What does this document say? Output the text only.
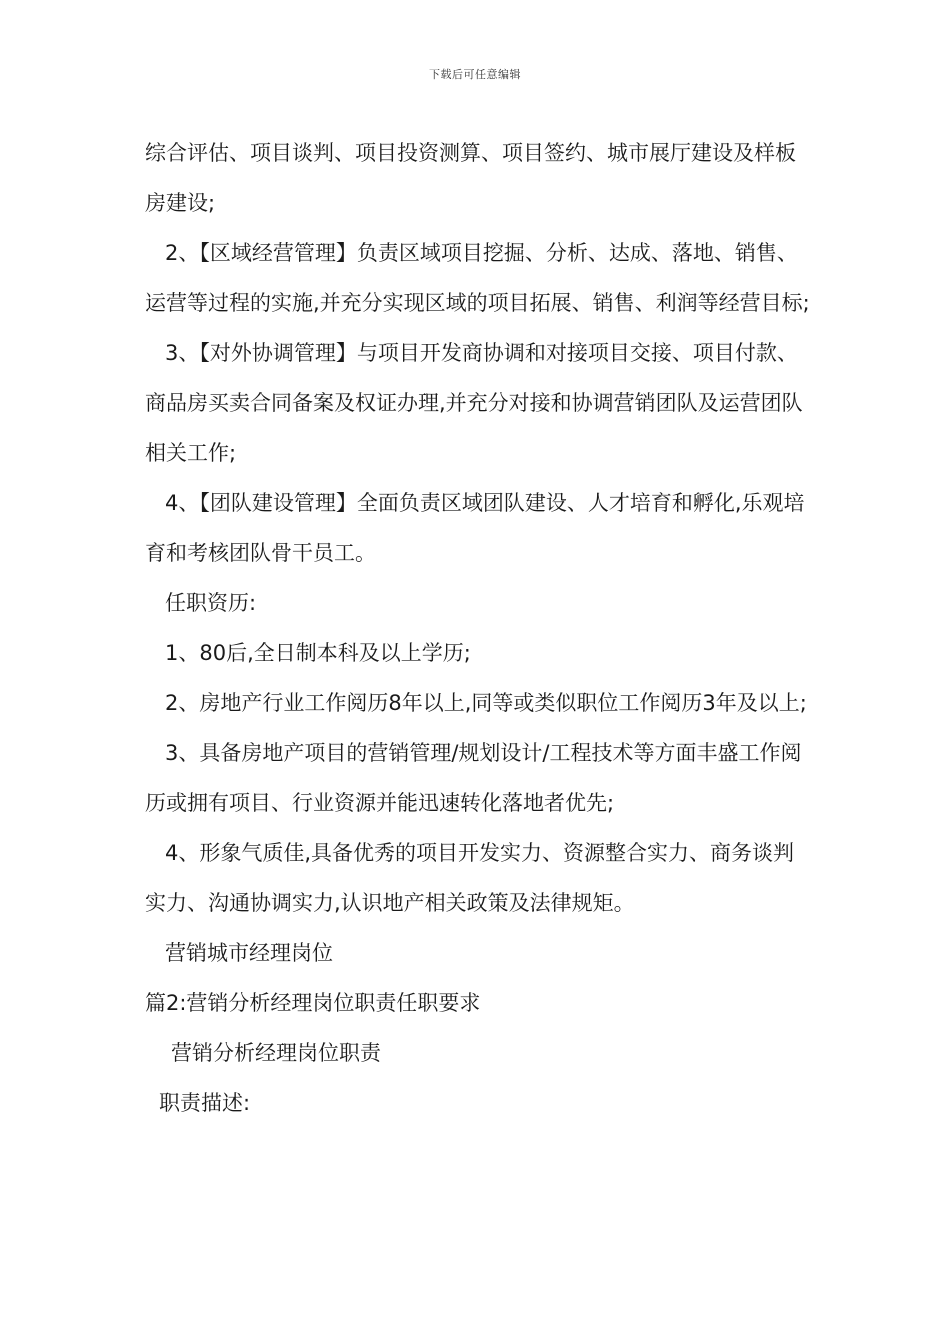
下载后可任意编辑
综合评估、项目谈判、项目投资测算、项目签约、城市展厅建设及样板房建设;
2、【区域经营管理】负责区域项目挖掘、分析、达成、落地、销售、运营等过程的实施,并充分实现区域的项目拓展、销售、利润等经营目标;
3、【对外协调管理】与项目开发商协调和对接项目交接、项目付款、商品房买卖合同备案及权证办理,并充分对接和协调营销团队及运营团队相关工作;
4、【团队建设管理】全面负责区域团队建设、人才培育和孵化,乐观培育和考核团队骨干员工。
任职资历:
1、80后,全日制本科及以上学历;
2、房地产行业工作阅历8年以上,同等或类似职位工作阅历3年及以上;
3、具备房地产项目的营销管理/规划设计/工程技术等方面丰盛工作阅历或拥有项目、行业资源并能迅速转化落地者优先;
4、形象气质佳,具备优秀的项目开发实力、资源整合实力、商务谈判实力、沟通协调实力,认识地产相关政策及法律规矩。
营销城市经理岗位
篇2:营销分析经理岗位职责任职要求
营销分析经理岗位职责
职责描述:
